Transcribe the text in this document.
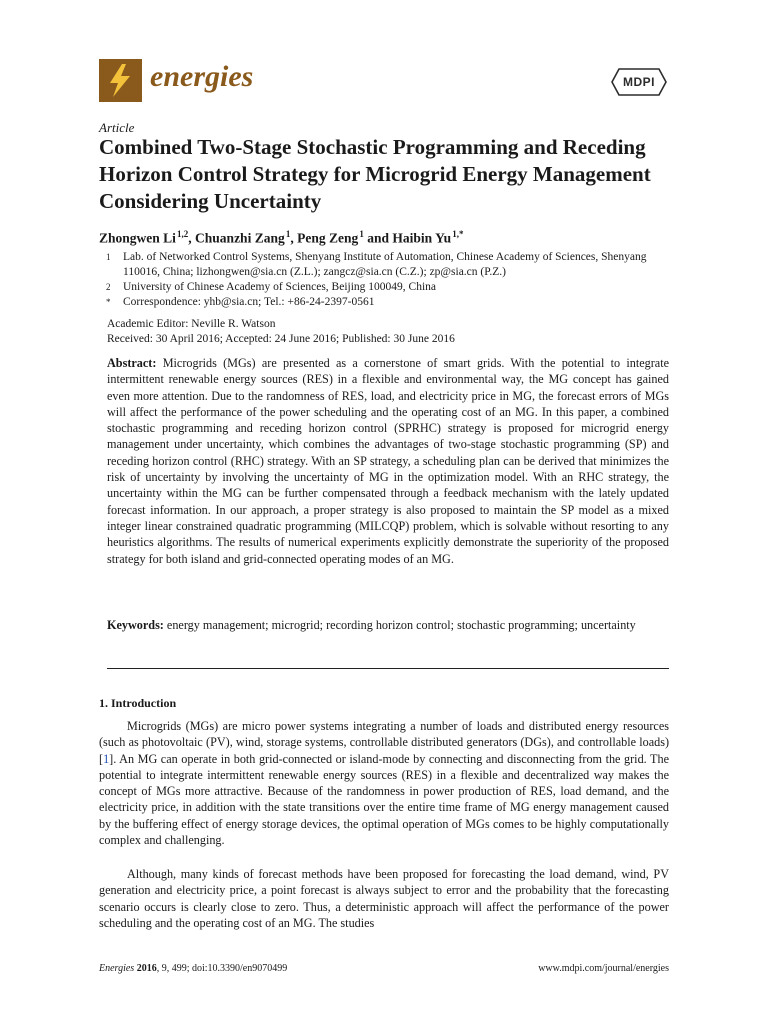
energies	MDPI
Article
Combined Two-Stage Stochastic Programming and Receding Horizon Control Strategy for Microgrid Energy Management Considering Uncertainty
Zhongwen Li $^{1,2}$, Chuanzhi Zang $^1$, Peng Zeng $^1$ and Haibin Yu $^{1,*}$
1 Lab. of Networked Control Systems, Shenyang Institute of Automation, Chinese Academy of Sciences, Shenyang 110016, China; lizhongwen@sia.cn (Z.L.); zangcz@sia.cn (C.Z.); zp@sia.cn (P.Z.)
2 University of Chinese Academy of Sciences, Beijing 100049, China
* Correspondence: yhb@sia.cn; Tel.: +86-24-2397-0561
Academic Editor: Neville R. Watson
Received: 30 April 2016; Accepted: 24 June 2016; Published: 30 June 2016

Abstract: Microgrids (MGs) are presented as a cornerstone of smart grids. With the potential to integrate intermittent renewable energy sources (RES) in a flexible and environmental way, the MG concept has gained even more attention. Due to the randomness of RES, load, and electricity price in MG, the forecast errors of MGs will affect the performance of the power scheduling and the operating cost of an MG. In this paper, a combined stochastic programming and receding horizon control (SPRHC) strategy is proposed for microgrid energy management under uncertainty, which combines the advantages of two-stage stochastic programming (SP) and receding horizon control (RHC) strategy. With an SP strategy, a scheduling plan can be derived that minimizes the risk of uncertainty by involving the uncertainty of MG in the optimization model. With an RHC strategy, the uncertainty within the MG can be further compensated through a feedback mechanism with the lately updated forecast information. In our approach, a proper strategy is also proposed to maintain the SP model as a mixed integer linear constrained quadratic programming (MILCQP) problem, which is solvable without resorting to any heuristics algorithms. The results of numerical experiments explicitly demonstrate the superiority of the proposed strategy for both island and grid-connected operating modes of an MG.

Keywords: energy management; microgrid; recording horizon control; stochastic programming; uncertainty

1. Introduction

Microgrids (MGs) are micro power systems integrating a number of loads and distributed energy resources (such as photovoltaic (PV), wind, storage systems, controllable distributed generators (DGs), and controllable loads) [1]. An MG can operate in both grid-connected or island-mode by connecting and disconnecting from the grid. The potential to integrate intermittent renewable energy sources (RES) in a flexible and decentralized way makes the concept of MGs more attractive. Because of the randomness in power production of RES, load demand, and the electricity price, in addition with the state transitions over the entire time frame of MG energy management caused by the buffering effect of energy storage devices, the optimal operation of MGs comes to be highly computationally complex and challenging.

Although, many kinds of forecast methods have been proposed for forecasting the load demand, wind, PV generation and electricity price, a point forecast is always subject to error and the probability that the forecasting scenario occurs is clearly close to zero. Thus, a deterministic approach will affect the performance of the power scheduling and the operating cost of an MG. The studies

Energies 2016, 9, 499; doi:10.3390/en9070499	www.mdpi.com/journal/energies
